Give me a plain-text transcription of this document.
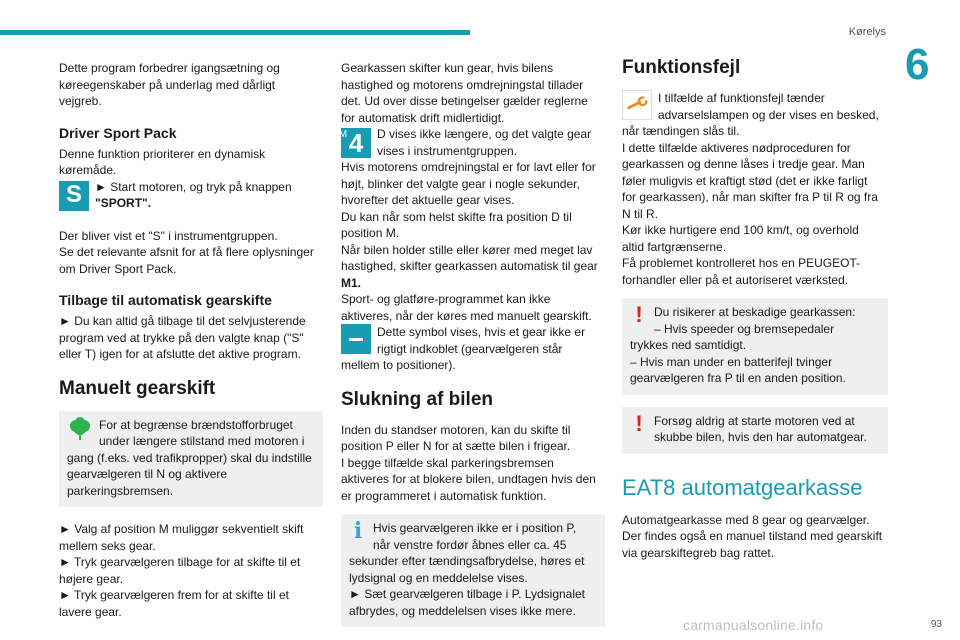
Kørelys
6
carmanualsonline.info	93

Dette program forbedrer igangsætning og

køreegenskaber på underlag med dårligt

vejgreb.

Driver Sport Pack

Denne funktion prioriterer en dynamisk

køremåde.

S	► Start motoren, og tryk på knappen

"SPORT".

Der bliver vist et "S" i instrumentgruppen.

Se det relevante afsnit for at få flere oplysninger

om Driver Sport Pack.

Tilbage til automatisk gearskifte

► Du kan altid gå tilbage til det selvjusterende

program ved at trykke på den valgte knap ("S"

eller T) igen for at afslutte det aktive program.

Manuelt gearskift

For at begrænse brændstofforbruget

under længere stilstand med motoren i

gang (f.eks. ved trafikpropper) skal du indstille

gearvælgeren til N og aktivere

parkeringsbremsen.

► Valg af position M muliggør sekventielt skift

mellem seks gear.

► Tryk gearvælgeren tilbage for at skifte til et

højere gear.

► Tryk gearvælgeren frem for at skifte til et

lavere gear.

Gearkassen skifter kun gear, hvis bilens

hastighed og motorens omdrejningstal tillader

det. Ud over disse betingelser gælder reglerne

for automatisk drift midlertidigt.

M 4 D vises ikke længere, og det valgte gear

vises i instrumentgruppen.

Hvis motorens omdrejningstal er for lavt eller for

højt, blinker det valgte gear i nogle sekunder,

hvorefter det aktuelle gear vises.

Du kan når som helst skifte fra position D til

position M.

Når bilen holder stille eller kører med meget lav

hastighed, skifter gearkassen automatisk til gear

M1.

Sport- og glatføre-programmet kan ikke

aktiveres, når der køres med manuelt gearskift.

Dette symbol vises, hvis et gear ikke er

rigtigt indkoblet (gearvælgeren står

mellem to positioner).

Slukning af bilen

Inden du standser motoren, kan du skifte til

position P eller N for at sætte bilen i frigear.

I begge tilfælde skal parkeringsbremsen

aktiveres for at blokere bilen, undtagen hvis den

er programmeret i automatisk funktion.

i Hvis gearvælgeren ikke er i position P,

når venstre fordør åbnes eller ca. 45

sekunder efter tændingsafbrydelse, høres et

lydsignal og en meddelelse vises.

► Sæt gearvælgeren tilbage i P. Lydsignalet

afbrydes, og meddelelsen vises ikke mere.

Funktionsfejl

I tilfælde af funktionsfejl tænder

advarselslampen og der vises en besked,

når tændingen slås til.

I dette tilfælde aktiveres nødproceduren for

gearkassen og denne låses i tredje gear. Man

føler muligvis et kraftigt stød (det er ikke farligt

for gearkassen), når man skifter fra P til R og fra

N til R.

Kør ikke hurtigere end 100 km/t, og overhold

altid fartgrænserne.

Få problemet kontrolleret hos en PEUGEOT-

forhandler eller på et autoriseret værksted.

! Du risikerer at beskadige gearkassen:

– Hvis speeder og bremsepedaler

trykkes ned samtidigt.

– Hvis man under en batterifejl tvinger

gearvælgeren fra P til en anden position.

! Forsøg aldrig at starte motoren ved at

skubbe bilen, hvis den har automatgear.

EAT8 automatgearkasse

Automatgearkasse med 8 gear og gearvælger.

Der findes også en manuel tilstand med gearskift

via gearskiftegreb bag rattet.
